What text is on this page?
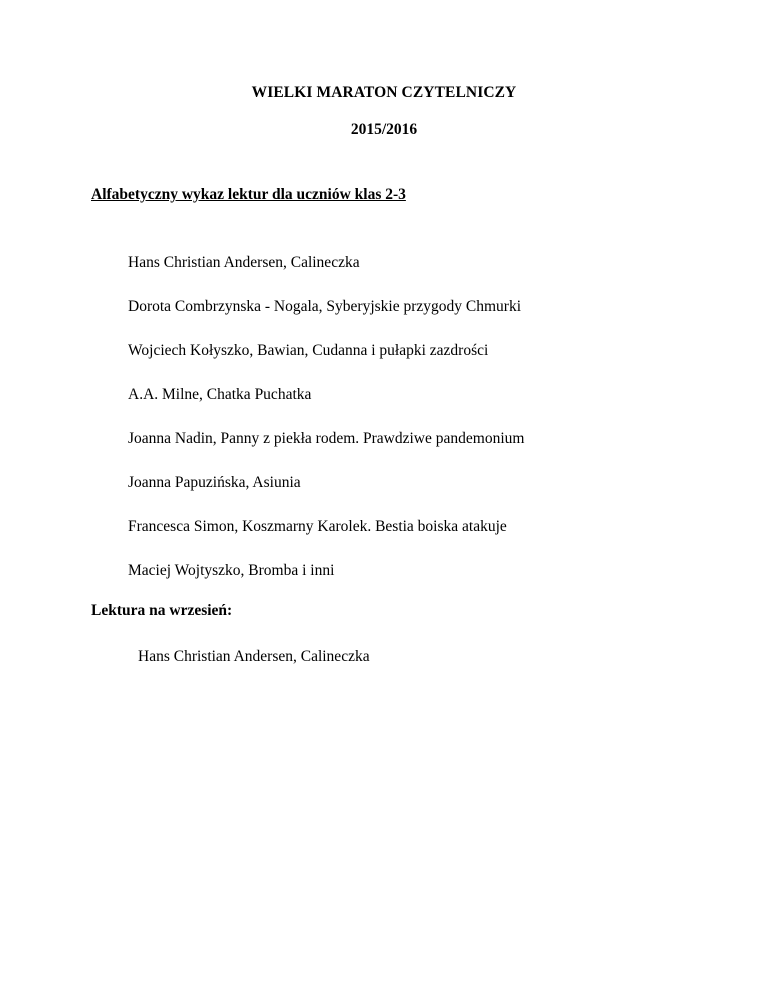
WIELKI MARATON CZYTELNICZY
2015/2016
Alfabetyczny wykaz lektur dla uczniów klas 2-3
Hans Christian Andersen, Calineczka
Dorota Combrzynska - Nogala, Syberyjskie przygody Chmurki
Wojciech Kołyszko, Bawian, Cudanna i pułapki zazdrości
A.A. Milne, Chatka Puchatka
Joanna Nadin, Panny z piekła rodem. Prawdziwe pandemonium
Joanna Papuzińska, Asiunia
Francesca Simon, Koszmarny Karolek. Bestia boiska atakuje
Maciej Wojtyszko, Bromba i inni
Lektura na wrzesień:
Hans Christian Andersen, Calineczka
